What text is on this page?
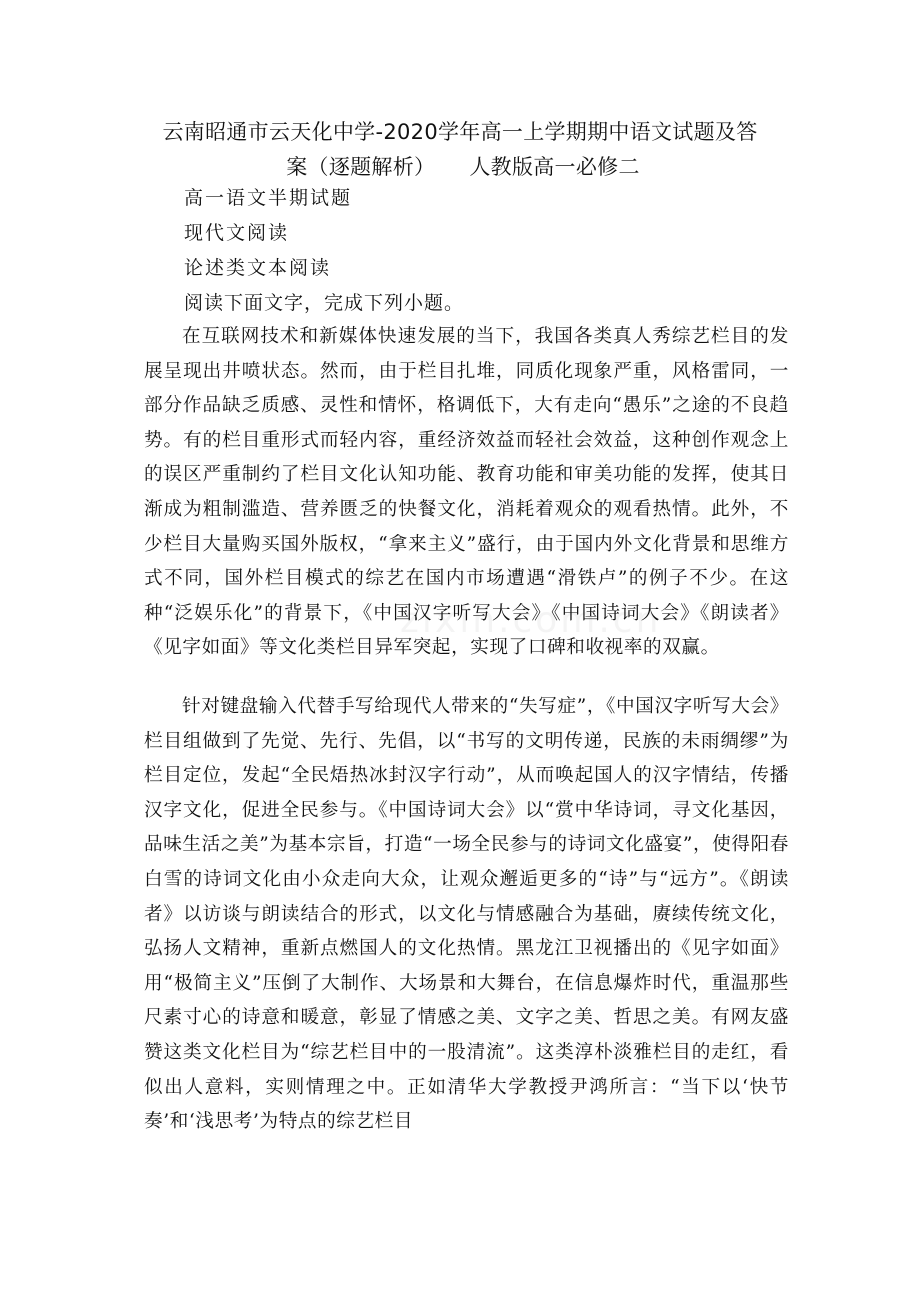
云南昭通市云天化中学-2020学年高一上学期期中语文试题及答
案（逐题解析） 人教版高一必修二
高一语文半期试题
现代文阅读
论述类文本阅读
阅读下面文字，完成下列小题。

在互联网技术和新媒体快速发展的当下，我国各类真人秀综艺栏目的发展呈现出井喷状态。然而，由于栏目扎堆，同质化现象严重，风格雷同，一部分作品缺乏质感、灵性和情怀，格调低下，大有走向“愚乐”之途的不良趋势。有的栏目重形式而轻内容，重经济效益而轻社会效益，这种创作观念上的误区严重制约了栏目文化认知功能、教育功能和审美功能的发挥，使其日渐成为粗制滥造、营养匮乏的快餐文化，消耗着观众的观看热情。此外，不少栏目大量购买国外版权，“拿来主义”盛行，由于国内外文化背景和思维方式不同，国外栏目模式的综艺在国内市场遭遇“滑铁卢”的例子不少。在这种“泛娱乐化”的背景下，《中国汉字听写大会》《中国诗词大会》《朗读者》《见字如面》等文化类栏目异军突起，实现了口碑和收视率的双赢。

针对键盘输入代替手写给现代人带来的“失写症”，《中国汉字听写大会》栏目组做到了先觉、先行、先倡，以“书写的文明传递，民族的未雨绸缪”为栏目定位，发起“全民焐热冰封汉字行动”，从而唤起国人的汉字情结，传播汉字文化，促进全民参与。《中国诗词大会》以“赏中华诗词，寻文化基因，品味生活之美”为基本宗旨，打造“一场全民参与的诗词文化盛宴”，使得阳春白雪的诗词文化由小众走向大众，让观众邂逅更多的“诗”与“远方”。《朗读者》以访谈与朗读结合的形式，以文化与情感融合为基础，赓续传统文化，弘扬人文精神，重新点燃国人的文化热情。黑龙江卫视播出的《见字如面》用“极简主义”压倒了大制作、大场景和大舞台，在信息爆炸时代，重温那些尺素寸心的诗意和暖意，彰显了情感之美、文字之美、哲思之美。有网友盛赞这类文化栏目为“综艺栏目中的一股清流”。这类淳朴淡雅栏目的走红，看似出人意料，实则情理之中。正如清华大学教授尹鸿所言：“当下以‘快节奏’和‘浅思考’为特点的综艺栏目
